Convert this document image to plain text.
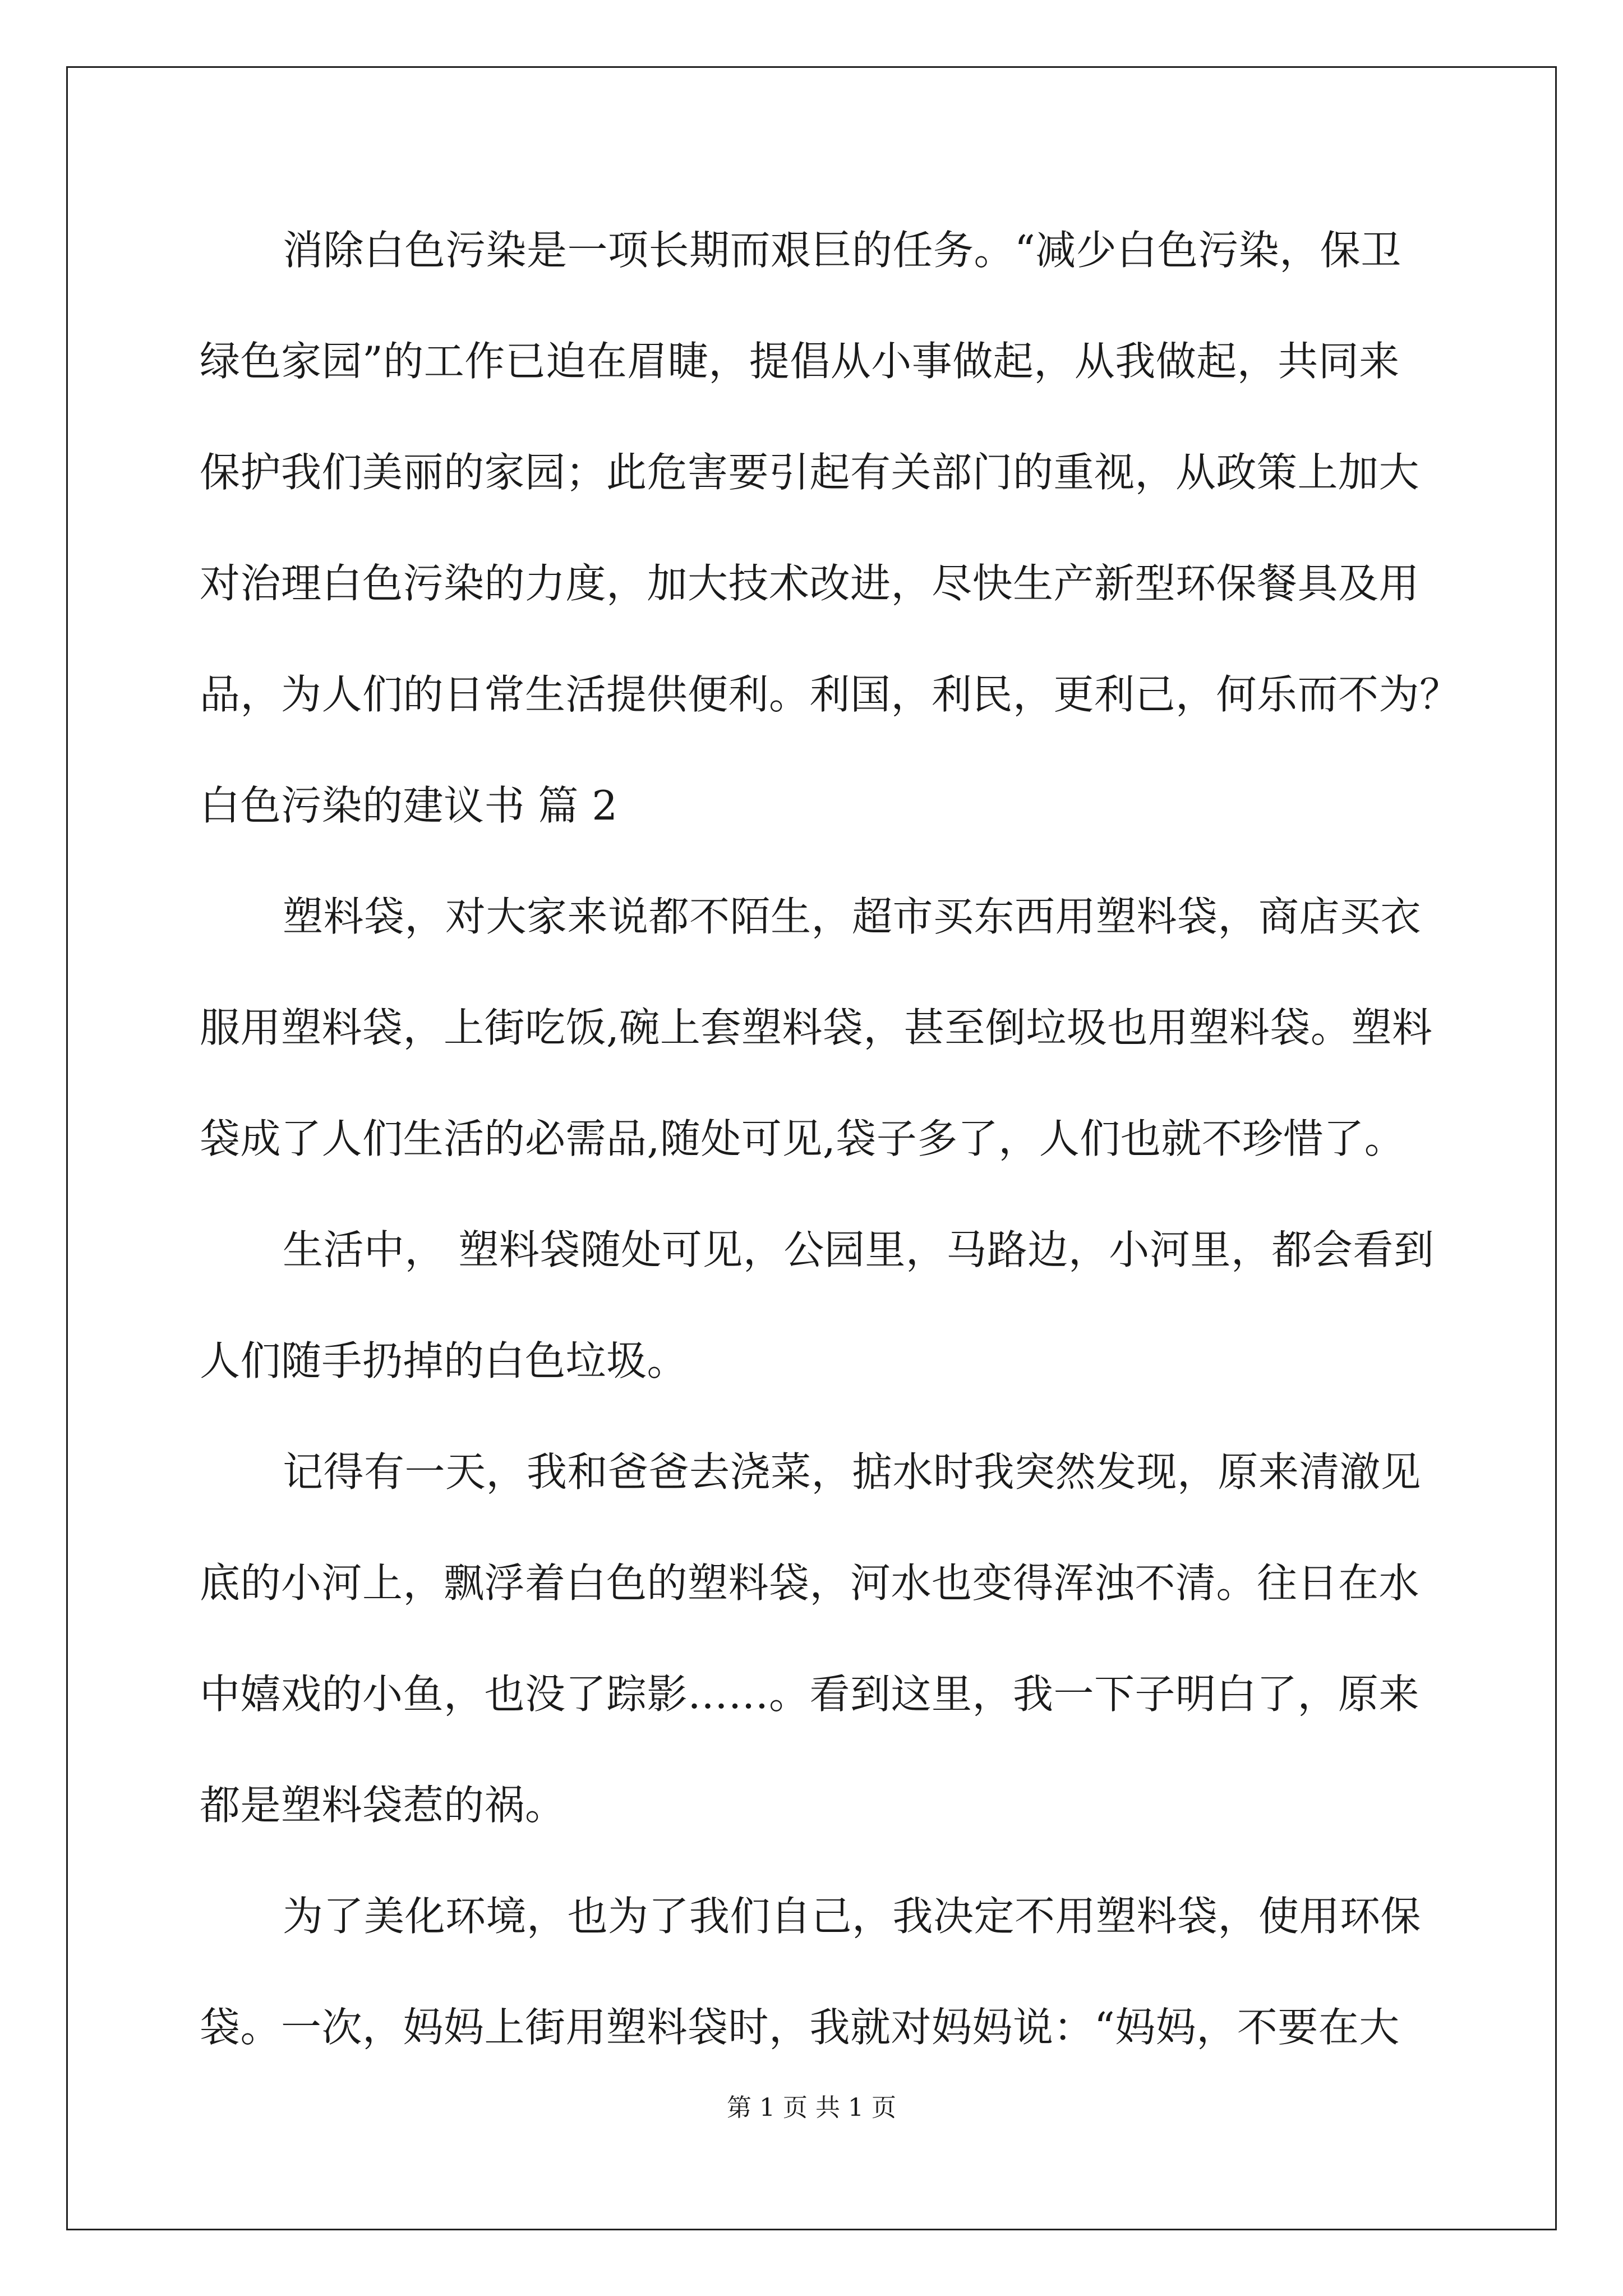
消除白色污染是一项长期而艰巨的任务。“减少白色污染，保卫
绿色家园”的工作已迫在眉睫，提倡从小事做起，从我做起，共同来
保护我们美丽的家园；此危害要引起有关部门的重视，从政策上加大
对治理白色污染的力度，加大技术改进，尽快生产新型环保餐具及用
品，为人们的日常生活提供便利。利国，利民，更利己，何乐而不为？
白色污染的建议书 篇 2
塑料袋，对大家来说都不陌生，超市买东西用塑料袋，商店买衣
服用塑料袋，上街吃饭,碗上套塑料袋，甚至倒垃圾也用塑料袋。塑料
袋成了人们生活的必需品,随处可见,袋子多了，人们也就不珍惜了。
生活中， 塑料袋随处可见，公园里，马路边，小河里，都会看到
人们随手扔掉的白色垃圾。
记得有一天，我和爸爸去浇菜，掂水时我突然发现，原来清澈见
底的小河上，飘浮着白色的塑料袋，河水也变得浑浊不清。往日在水
中嬉戏的小鱼，也没了踪影……。看到这里，我一下子明白了，原来
都是塑料袋惹的祸。
为了美化环境，也为了我们自己，我决定不用塑料袋，使用环保
袋。一次，妈妈上街用塑料袋时，我就对妈妈说：“妈妈，不要在大
第 1 页 共 1 页
